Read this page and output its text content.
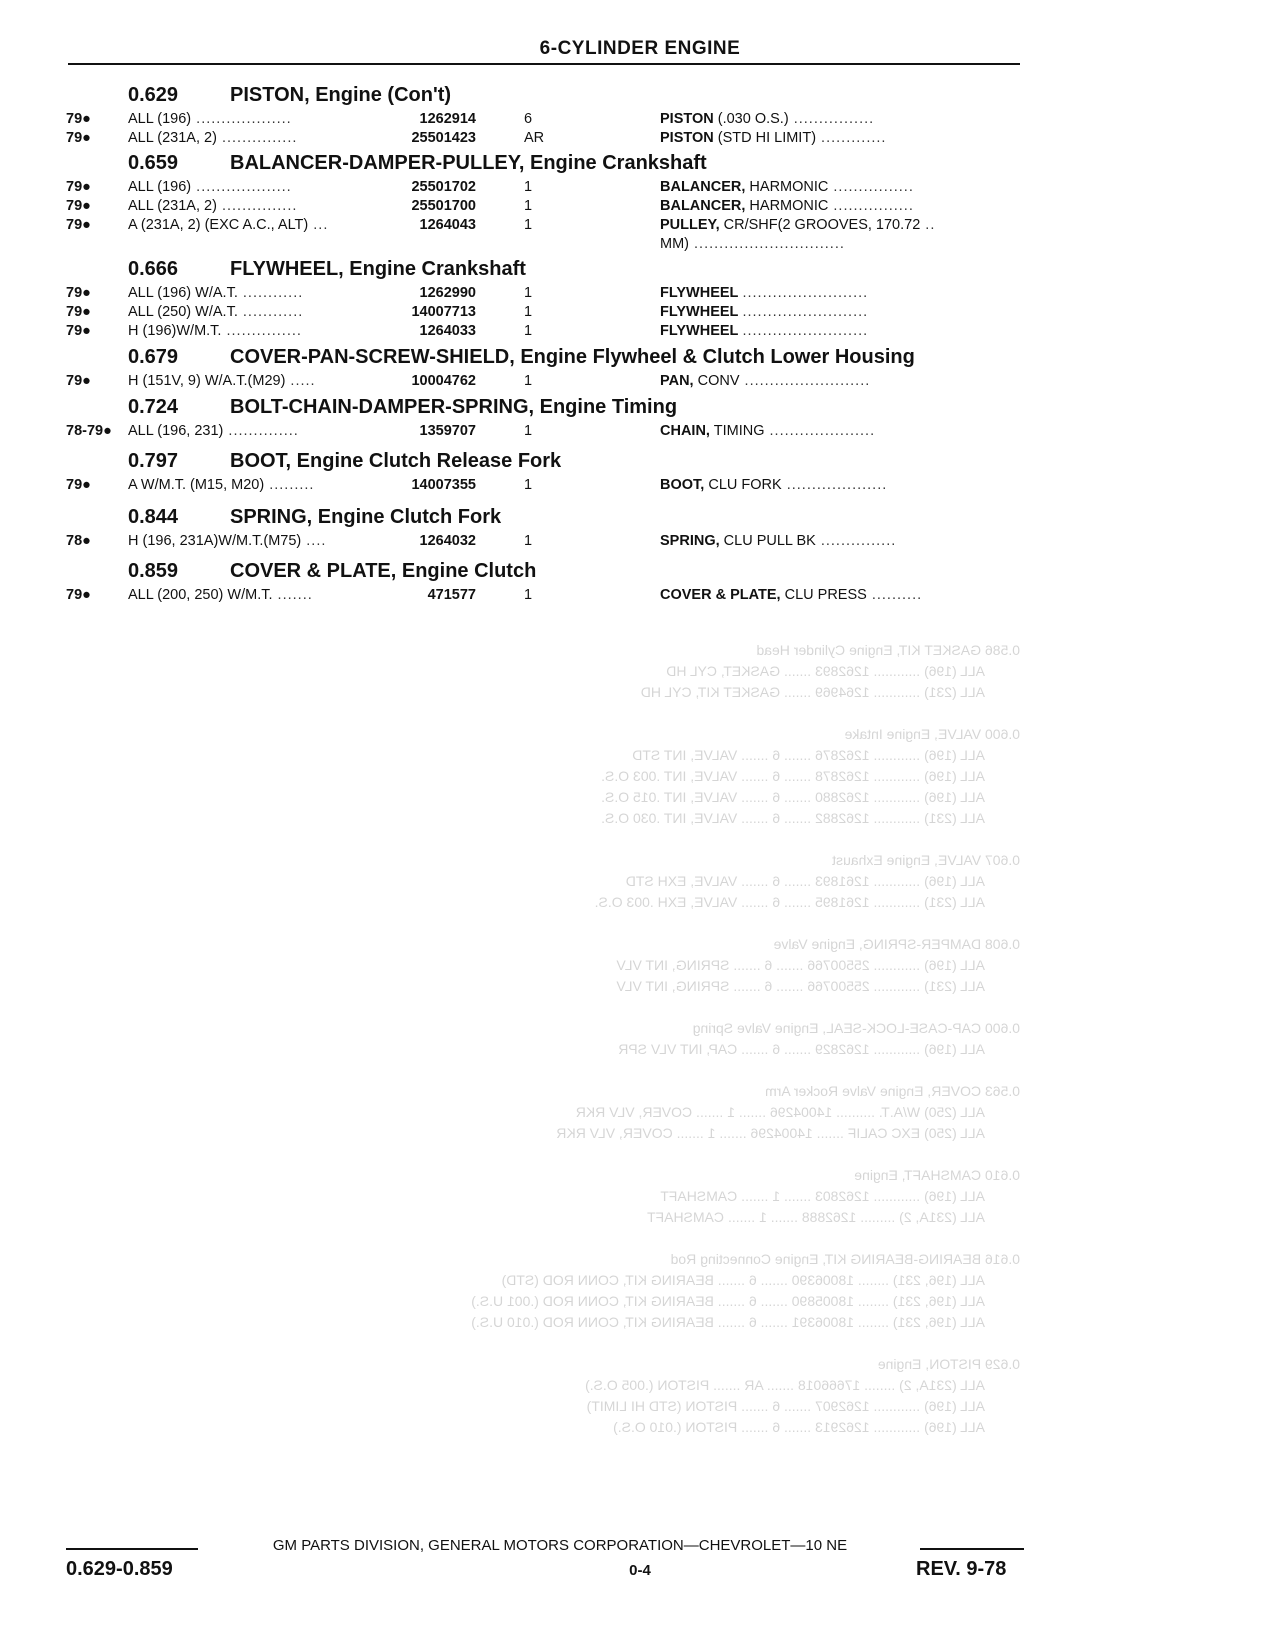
6-CYLINDER ENGINE
0.629	PISTON, Engine (Con't)
79●	ALL (196) ...................	1262914	6	PISTON (.030 O.S.) ................
79●	ALL (231A, 2) ...............	25501423	AR	PISTON (STD HI LIMIT) .............
0.659	BALANCER-DAMPER-PULLEY, Engine Crankshaft
79●	ALL (196) ...................	25501702	1	BALANCER, HARMONIC ................
79●	ALL (231A, 2) ...............	25501700	1	BALANCER, HARMONIC ................
79●	A (231A, 2) (EXC A.C., ALT) ...	1264043	1	PULLEY, CR/SHF(2 GROOVES, 170.72 ..
MM) ..............................
0.666	FLYWHEEL, Engine Crankshaft
79●	ALL (196) W/A.T. ............	1262990	1	FLYWHEEL .........................
79●	ALL (250) W/A.T. ............	14007713	1	FLYWHEEL .........................
79●	H (196)W/M.T. ...............	1264033	1	FLYWHEEL .........................
0.679	COVER-PAN-SCREW-SHIELD, Engine Flywheel & Clutch Lower Housing
79●	H (151V, 9) W/A.T.(M29) .....	10004762	1	PAN, CONV .........................
0.724	BOLT-CHAIN-DAMPER-SPRING, Engine Timing
78-79● ALL (196, 231) ..............	1359707	1	CHAIN, TIMING .....................
0.797	BOOT, Engine Clutch Release Fork
79●	A W/M.T. (M15, M20) .........	14007355	1	BOOT, CLU FORK ....................
0.844	SPRING, Engine Clutch Fork
78●	H (196, 231A)W/M.T.(M75) ....	1264032	1	SPRING, CLU PULL BK ...............
0.859	COVER & PLATE, Engine Clutch
79●	ALL (200, 250) W/M.T. .......	471577	1	COVER & PLATE, CLU PRESS ..........
0.586 GASKET KIT, Engine Cylinder Head
ALL (196) ............ 1262893 ....... GASKET, CYL HD
ALL (231) ............ 1264969 ....... GASKET KIT, CYL HD

0.600 VALVE, Engine Intake
ALL (196) ............ 1262876 ....... 6 ....... VALVE, INT STD
ALL (196) ............ 1262878 ....... 6 ....... VALVE, INT .003 O.S.
ALL (196) ............ 1262880 ....... 6 ....... VALVE, INT .015 O.S.
ALL (231) ............ 1262882 ....... 6 ....... VALVE, INT .030 O.S.

0.607 VALVE, Engine Exhaust
ALL (196) ............ 1261893 ....... 6 ....... VALVE, EXH STD
ALL (231) ............ 1261895 ....... 6 ....... VALVE, EXH .003 O.S.

0.608 DAMPER-SPRING, Engine Valve
ALL (196) ............ 25500766 ....... 6 ....... SPRING, INT VLV
ALL (231) ............ 25500766 ....... 6 ....... SPRING, INT VLV

0.600 CAP-CASE-LOCK-SEAL, Engine Valve Spring
ALL (196) ............ 1262829 ....... 6 ....... CAP, INT VLV SPR

0.563 COVER, Engine Valve Rocker Arm
ALL (250) W/A.T. .......... 14004296 ....... 1 ....... COVER, VLV RKR
ALL (250) EXC CALIF ....... 14004296 ....... 1 ....... COVER, VLV RKR

0.610 CAMSHAFT, Engine
ALL (196) ............ 1262803 ....... 1 ....... CAMSHAFT
ALL (231A, 2) ......... 1262888 ....... 1 ....... CAMSHAFT

0.616 BEARING-BEARING KIT, Engine Connecting Rod
ALL (196, 231) ........ 18006390 ....... 6 ....... BEARING KIT, CONN ROD (STD)
ALL (196, 231) ........ 18005890 ....... 6 ....... BEARING KIT, CONN ROD (.001 U.S.)
ALL (196, 231) ........ 18006391 ....... 6 ....... BEARING KIT, CONN ROD (.010 U.S.)

0.629 PISTON, Engine
ALL (231A, 2) ........ 17666018 ....... AR ....... PISTON (.005 O.S.)
ALL (196) ............ 1262907 ....... 6 ....... PISTON (STD HI LIMIT)
ALL (196) ............ 1262913 ....... 6 ....... PISTON (.010 O.S.)
GM PARTS DIVISION, GENERAL MOTORS CORPORATION—CHEVROLET—10 NE
0.629-0.859	0-4	REV. 9-78
